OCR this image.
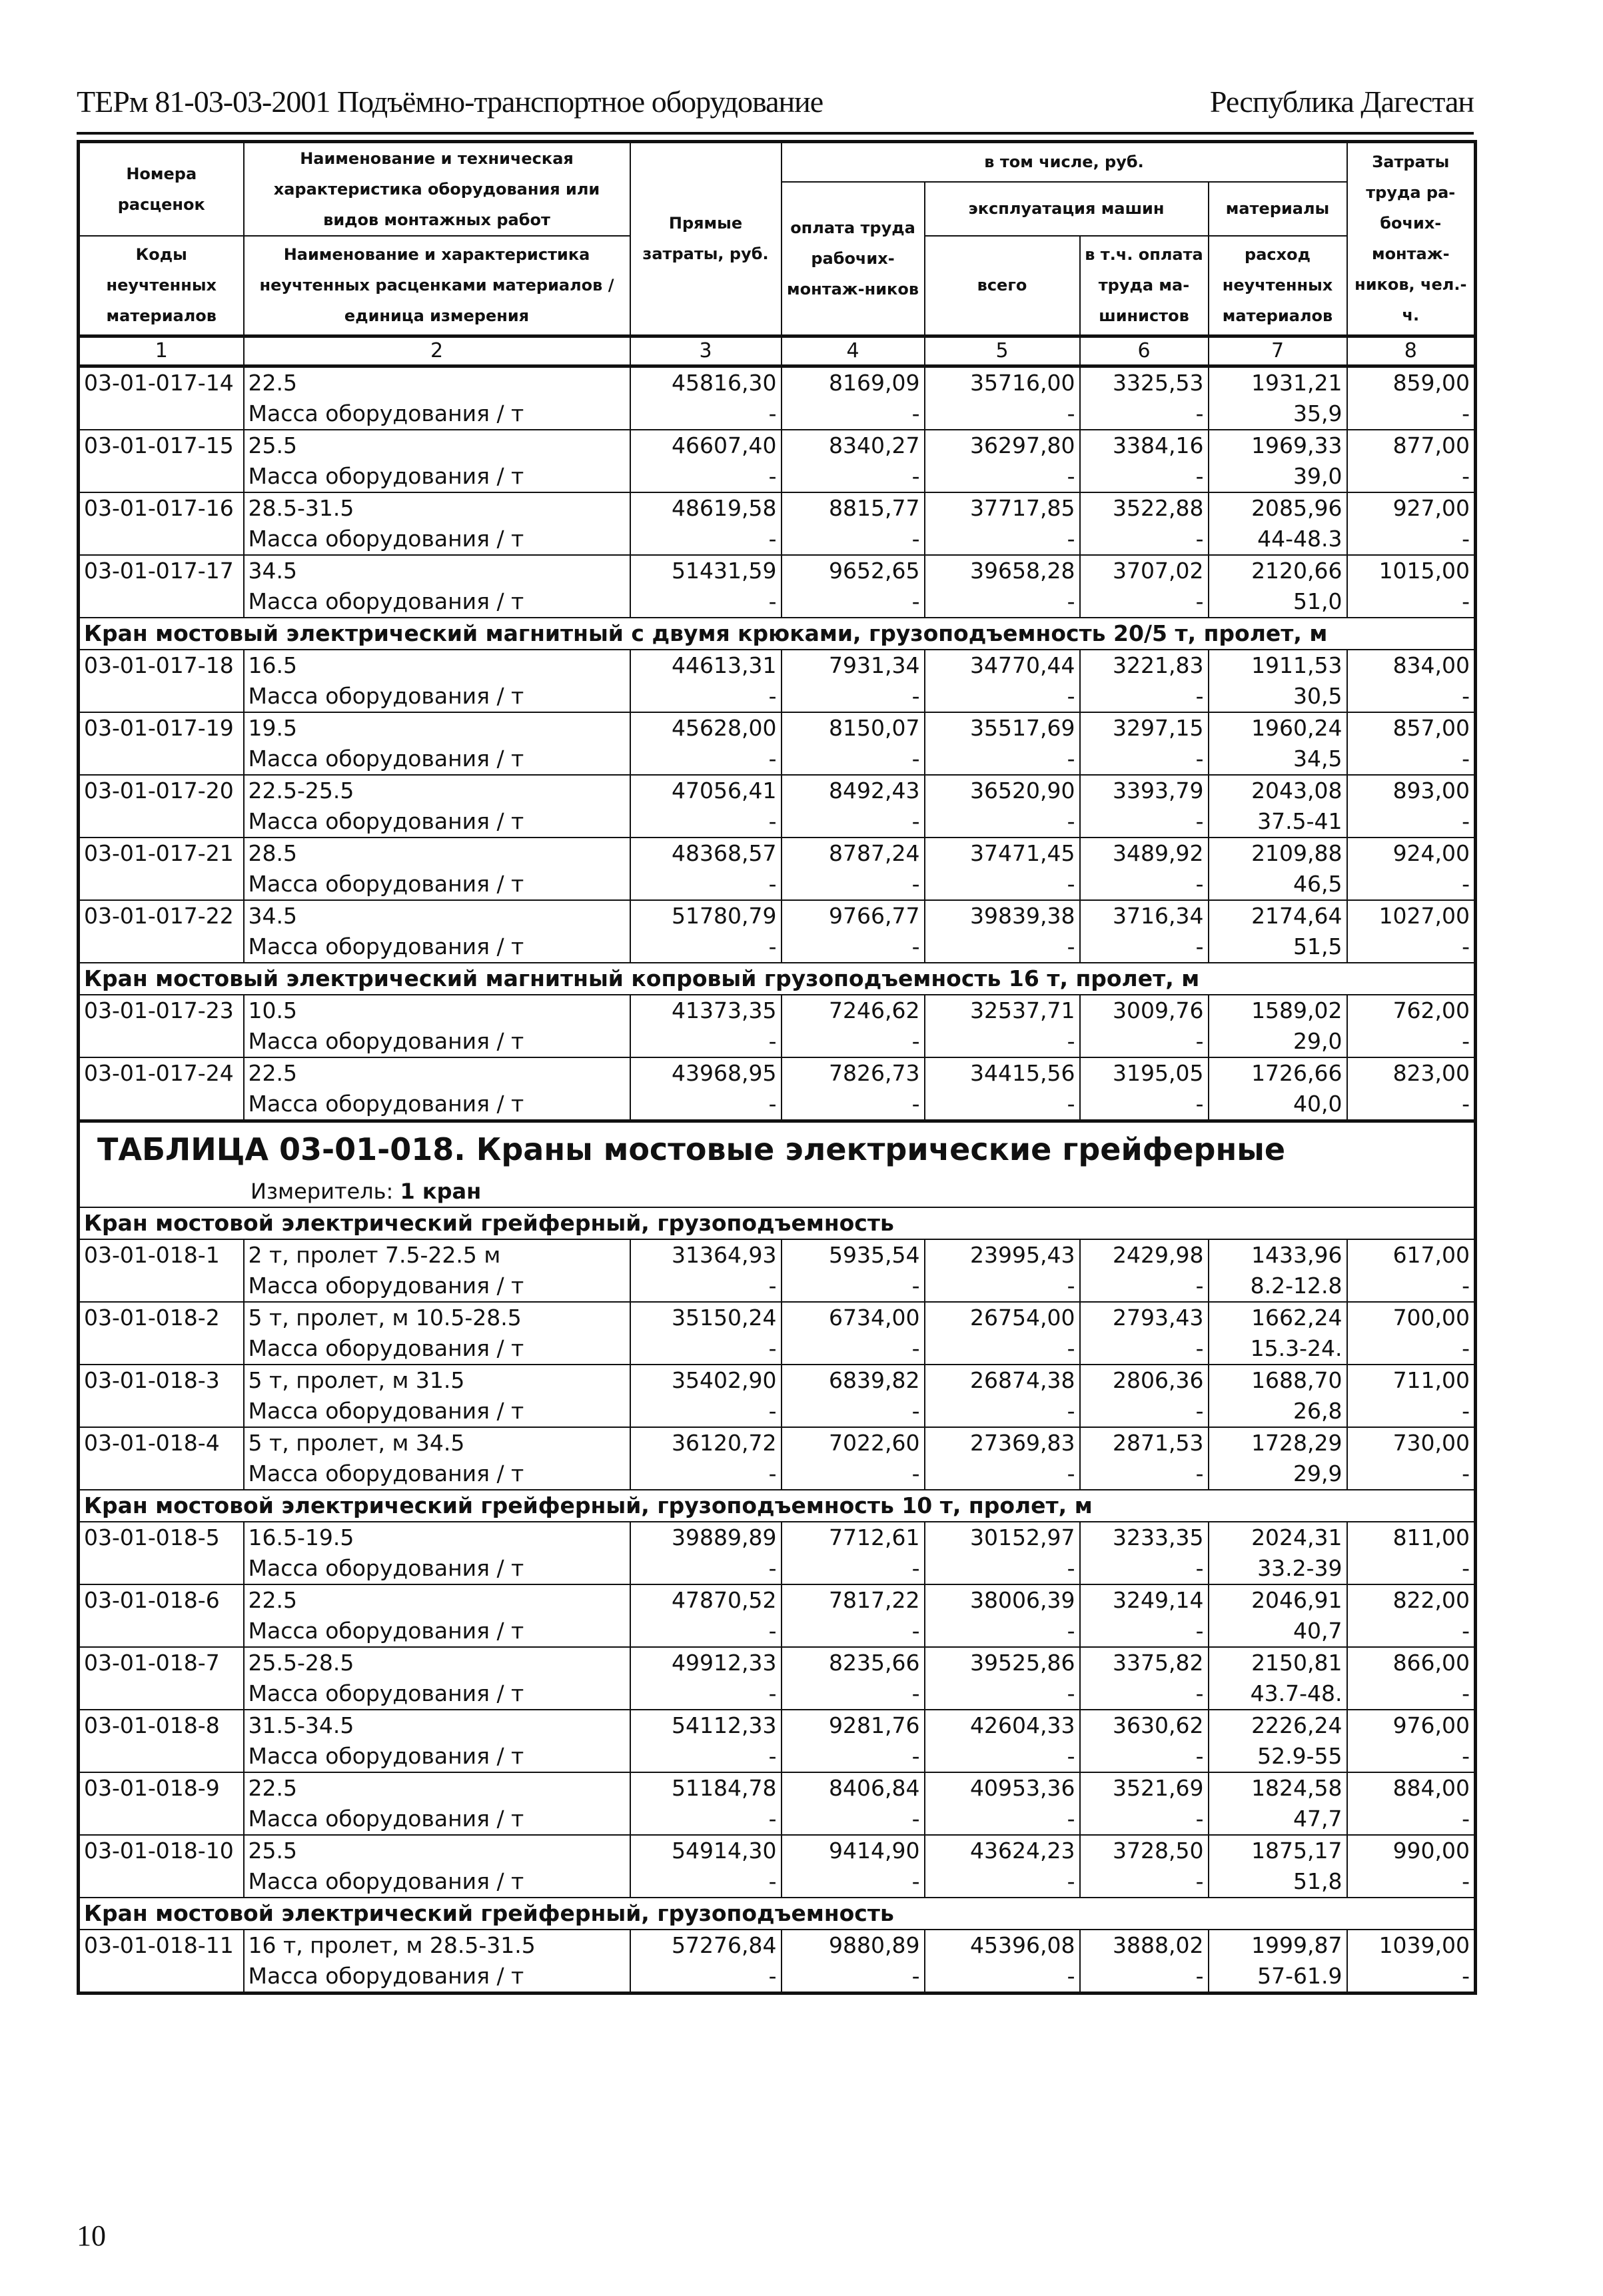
ТЕРм 81-03-03-2001 Подъёмно-транспортное оборудование	Республика Дагестан
Номера расценок	Наименование и техническая характеристика оборудования или видов монтажных работ	Прямые затраты, руб.	в том числе, руб.				Затраты труда ра-бочих-монтаж-ников, чел.-ч.
			оплата труда рабочих-монтаж-ников	эксплуатация машин		материалы	
Коды неучтенных материалов	Наименование и характеристика неучтенных расценками материалов / единица измерения			всего	в т.ч. оплата труда ма-шинистов	расход неучтенных материалов	

1	2	3	4	5	6	7	8
03-01-017-14	22.5	45816,30	8169,09	35716,00	3325,53	1931,21	859,00
	Масса оборудования / т	-	-	-	-	35,9	-
03-01-017-15	25.5	46607,40	8340,27	36297,80	3384,16	1969,33	877,00
	Масса оборудования / т	-	-	-	-	39,0	-
03-01-017-16	28.5-31.5	48619,58	8815,77	37717,85	3522,88	2085,96	927,00
	Масса оборудования / т	-	-	-	-	44-48.3	-
03-01-017-17	34.5	51431,59	9652,65	39658,28	3707,02	2120,66	1015,00
	Масса оборудования / т	-	-	-	-	51,0	-
Кран мостовый электрический магнитный с двумя крюками, грузоподъемность 20/5 т, пролет, м							
03-01-017-18	16.5	44613,31	7931,34	34770,44	3221,83	1911,53	834,00
	Масса оборудования / т	-	-	-	-	30,5	-
03-01-017-19	19.5	45628,00	8150,07	35517,69	3297,15	1960,24	857,00
	Масса оборудования / т	-	-	-	-	34,5	-
03-01-017-20	22.5-25.5	47056,41	8492,43	36520,90	3393,79	2043,08	893,00
	Масса оборудования / т	-	-	-	-	37.5-41	-
03-01-017-21	28.5	48368,57	8787,24	37471,45	3489,92	2109,88	924,00
	Масса оборудования / т	-	-	-	-	46,5	-
03-01-017-22	34.5	51780,79	9766,77	39839,38	3716,34	2174,64	1027,00
	Масса оборудования / т	-	-	-	-	51,5	-
Кран мостовый электрический магнитный копровый грузоподъемность 16 т, пролет, м							
03-01-017-23	10.5	41373,35	7246,62	32537,71	3009,76	1589,02	762,00
	Масса оборудования / т	-	-	-	-	29,0	-
03-01-017-24	22.5	43968,95	7826,73	34415,56	3195,05	1726,66	823,00
	Масса оборудования / т	-	-	-	-	40,0	-

ТАБЛИЦА 03-01-018. Краны мостовые электрические грейферные
Измеритель: 1 кран							

Кран мостовой электрический грейферный, грузоподъемность							
03-01-018-1	2 т, пролет 7.5-22.5 м	31364,93	5935,54	23995,43	2429,98	1433,96	617,00
	Масса оборудования / т	-	-	-	-	8.2-12.8	-
03-01-018-2	5 т, пролет, м 10.5-28.5	35150,24	6734,00	26754,00	2793,43	1662,24	700,00
	Масса оборудования / т	-	-	-	-	15.3-24.	-
03-01-018-3	5 т, пролет, м 31.5	35402,90	6839,82	26874,38	2806,36	1688,70	711,00
	Масса оборудования / т	-	-	-	-	26,8	-
03-01-018-4	5 т, пролет, м 34.5	36120,72	7022,60	27369,83	2871,53	1728,29	730,00
	Масса оборудования / т	-	-	-	-	29,9	-
Кран мостовой электрический грейферный, грузоподъемность 10 т, пролет, м							
03-01-018-5	16.5-19.5	39889,89	7712,61	30152,97	3233,35	2024,31	811,00
	Масса оборудования / т	-	-	-	-	33.2-39	-
03-01-018-6	22.5	47870,52	7817,22	38006,39	3249,14	2046,91	822,00
	Масса оборудования / т	-	-	-	-	40,7	-
03-01-018-7	25.5-28.5	49912,33	8235,66	39525,86	3375,82	2150,81	866,00
	Масса оборудования / т	-	-	-	-	43.7-48.	-
03-01-018-8	31.5-34.5	54112,33	9281,76	42604,33	3630,62	2226,24	976,00
	Масса оборудования / т	-	-	-	-	52.9-55	-
03-01-018-9	22.5	51184,78	8406,84	40953,36	3521,69	1824,58	884,00
	Масса оборудования / т	-	-	-	-	47,7	-
03-01-018-10	25.5	54914,30	9414,90	43624,23	3728,50	1875,17	990,00
	Масса оборудования / т	-	-	-	-	51,8	-
Кран мостовой электрический грейферный, грузоподъемность							
03-01-018-11	16 т, пролет, м 28.5-31.5	57276,84	9880,89	45396,08	3888,02	1999,87	1039,00
	Масса оборудования / т	-	-	-	-	57-61.9	-
10
